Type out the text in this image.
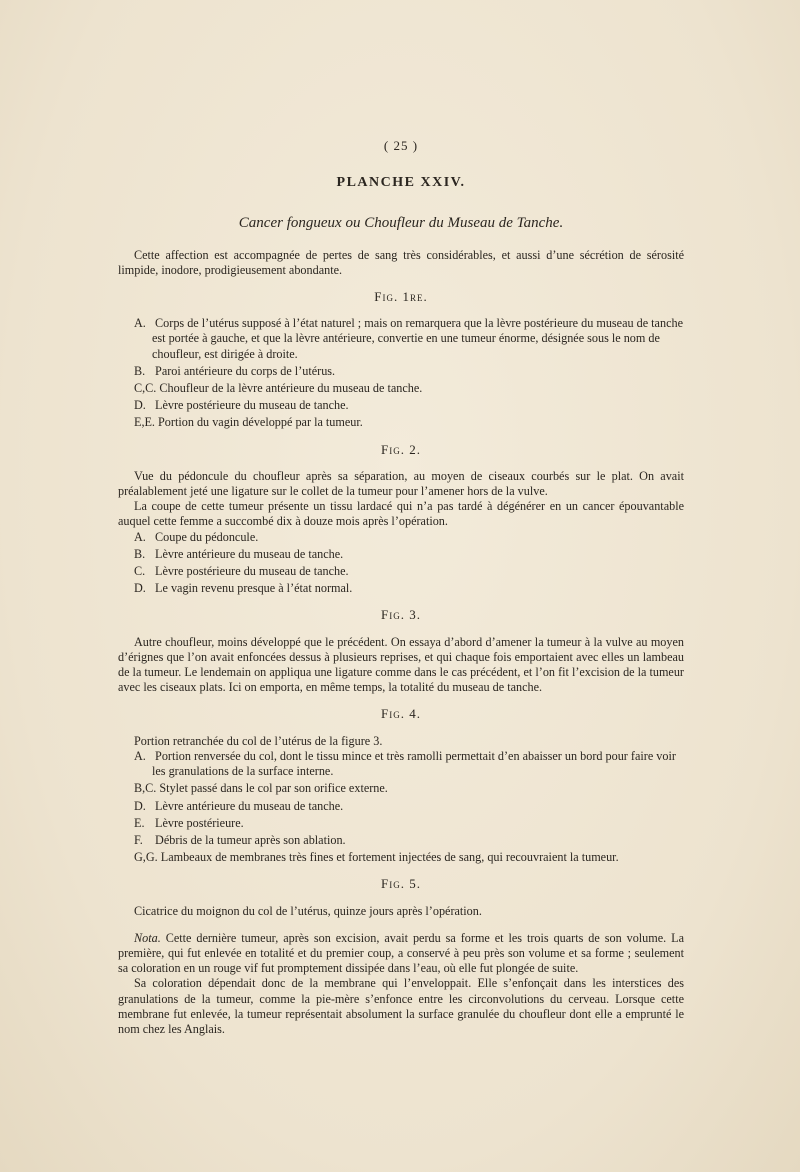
( 25 )
PLANCHE XXIV.
Cancer fongueux ou Choufleur du Museau de Tanche.

Cette affection est accompagnée de pertes de sang très considérables, et aussi d’une sécrétion de sérosité limpide, inodore, prodigieusement abondante.

Fig. 1re.
A. Corps de l’utérus supposé à l’état naturel ; mais on remarquera que la lèvre postérieure du museau de tanche est portée à gauche, et que la lèvre antérieure, convertie en une tumeur énorme, désignée sous le nom de choufleur, est dirigée à droite.
B. Paroi antérieure du corps de l’utérus.
C,C. Choufleur de la lèvre antérieure du museau de tanche.
D. Lèvre postérieure du museau de tanche.
E,E. Portion du vagin développé par la tumeur.
Fig. 2.

Vue du pédoncule du choufleur après sa séparation, au moyen de ciseaux courbés sur le plat. On avait préalablement jeté une ligature sur le collet de la tumeur pour l’amener hors de la vulve.

La coupe de cette tumeur présente un tissu lardacé qui n’a pas tardé à dégénérer en un cancer épouvantable auquel cette femme a succombé dix à douze mois après l’opération.

A. Coupe du pédoncule.
B. Lèvre antérieure du museau de tanche.
C. Lèvre postérieure du museau de tanche.
D. Le vagin revenu presque à l’état normal.
Fig. 3.

Autre choufleur, moins développé que le précédent. On essaya d’abord d’amener la tumeur à la vulve au moyen d’érignes que l’on avait enfoncées dessus à plusieurs reprises, et qui chaque fois emportaient avec elles un lambeau de la tumeur. Le lendemain on appliqua une ligature comme dans le cas précédent, et l’on fit l’excision de la tumeur avec les ciseaux plats. Ici on emporta, en même temps, la totalité du museau de tanche.

Fig. 4.

Portion retranchée du col de l’utérus de la figure 3.

A. Portion renversée du col, dont le tissu mince et très ramolli permettait d’en abaisser un bord pour faire voir les granulations de la surface interne.
B,C. Stylet passé dans le col par son orifice externe.
D. Lèvre antérieure du museau de tanche.
E. Lèvre postérieure.
F. Débris de la tumeur après son ablation.
G,G. Lambeaux de membranes très fines et fortement injectées de sang, qui recouvraient la tumeur.
Fig. 5.

Cicatrice du moignon du col de l’utérus, quinze jours après l’opération.

Nota. Cette dernière tumeur, après son excision, avait perdu sa forme et les trois quarts de son volume. La première, qui fut enlevée en totalité et du premier coup, a conservé à peu près son volume et sa forme ; seulement sa coloration en un rouge vif fut promptement dissipée dans l’eau, où elle fut plongée de suite.

Sa coloration dépendait donc de la membrane qui l’enveloppait. Elle s’enfonçait dans les interstices des granulations de la tumeur, comme la pie-mère s’enfonce entre les circonvolutions du cerveau. Lorsque cette membrane fut enlevée, la tumeur représentait absolument la surface granulée du choufleur dont elle a emprunté le nom chez les Anglais.
